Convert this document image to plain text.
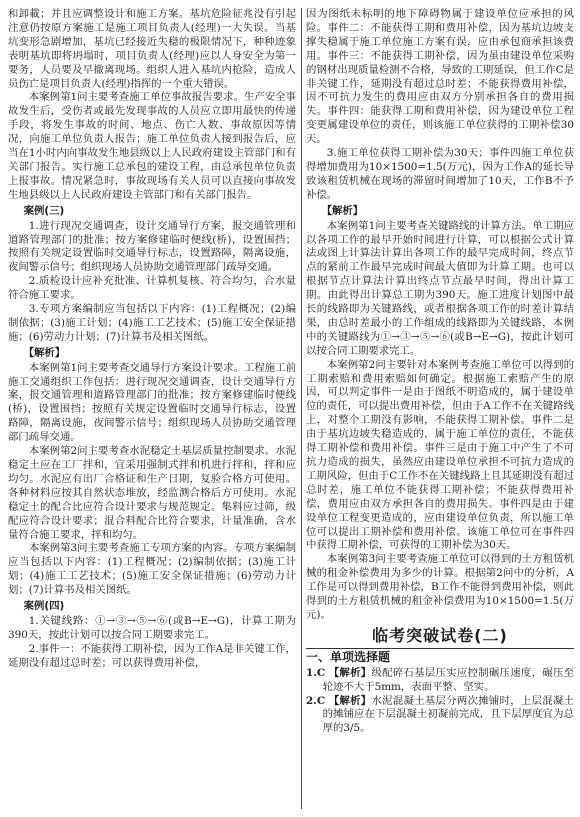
和卸載；并且应调整设计和施工方案。基坑危险征兆没有引起注意仍按原方案施工是施工项目负责人(经理)一大失误。当基坑变形急剧增加，基坑已经接近失稳的极限情况下，种种迹象表明基坑即将坍塌时，项目负责人(经理)应以人身安全为第一要务，人员要及早撤离现场。组织人进入基坑内抢险，造成人员伤亡是项目负责人(经理)指挥的一个重大错误。

本案例第1问主要考查施工单位事故报告要求。生产安全事故发生后，受伤者或最先发现事故的人员应立即用最快的传递手段，将发生事故的时间、地点、伤亡人数、事故原因等情况，向施工单位负责人报告；施工单位负责人接到报告后，应当在1小时内向事故发生地县级以上人民政府建设主管部门和有关部门报告。实行施工总承包的建设工程，由总承包单位负责上报事故。情况紧急时，事故现场有关人员可以直接向事故发生地县级以上人民政府建设主管部门和有关部门报告。

案例(三)

1.进行现况交通调查，设计交通导行方案，报交通管理和道路管理部门的批准；按方案修建临时便线(桥)，设置围挡；按照有关规定设置临时交通导行标志，设置路障，隔离设施，夜间警示信号；组织现场人员协助交通管理部门疏导交通。

2.质检设计应补充批准、计算机复核、符合均匀，合水量符合施工要求。

3.专项方案编制应当包括以下内容：(1)工程概况；(2)编制依据；(3)施工计划；(4)施工工艺技术；(5)施工安全保证措施；(6)劳动力计划；(7)计算书及相关图纸。

【解析】

本案例第1问主要考查交通导行方案设计要求。工程施工前施工交通组织工作包括：进行现况交通调查，设计交通导行方案，报交通管理和道路管理部门的批准；按方案修建临时便线(桥)，设置围挡；按照有关规定设置临时交通导行标志，设置路障，隔离设施，夜间警示信号；组织现场人员协助交通管理部门疏导交通。

本案例第2问主要考查水泥稳定土基层质量控制要求。水泥稳定土应在工厂拌和，宜采用强制式拌和机进行拌和，拌和应均匀。水泥应有出厂合格证和生产日期，复验合格方可使用。各种材料应按其自然状态堆放，经监测合格后方可使用。水泥稳定土的配合比应符合设计要求与规范规定。集料应过筛，级配应符合设计要求；混合料配合比符合要求，计量准确，含水量符合施工要求，拌和均匀。

本案例第3问主要考查施工专项方案的内容。专项方案编制应当包括以下内容：(1)工程概况；(2)编制依据；(3)施工计划；(4)施工工艺技术；(5)施工安全保证措施；(6)劳动力计划；(7)计算书及相关图纸。

案例(四)

1.关键线路：①→③→⑤→⑥(或B→E→G)，计算工期为390天，按此计划可以按合同工期要求完工。

2.事件一：不能获得工期补偿，因为工作A是非关键工作，延期没有超过总时差；可以获得费用补偿，

因为图纸未标明的地下障碍物属于建设单位应承担的风险。事件二：不能获得工期和费用补偿，因为基坑边坡支撑失稳属于施工单位施工方案有误，应由承包商承担该费用。事件三：不能获得工期补偿，因为虽由建设单位采购的钢材出现质量检测不合格，导致的工期延误，但工作C是非关键工作，延期没有超过总时差；不能获得费用补偿，因不可抗力发生的费用应由双方分别承担各自的费用损失。事件四：能获得工期和费用补偿，因为建设单位工程变更属建设单位的责任，则该施工单位获得的工期补偿30天。

3.施工单位获得工期补偿为30天；事件四施工单位获得增加费用为10×1500=1.5(万元)，因为工作A的延长导致该租赁机械在现场的滞留时间增加了10天，工作B不予补偿。

【解析】

本案例第1问主要考查关键路线的计算方法。单工期应以各项工作的最早开始时间进行计算，可以根据公式计算法或图上计算法计算出各项工作的最早完成时间，终点节点的紧前工作最早完成时间最大值即为计算工期。也可以根据节点计算法计算出终点节点最早时间，得出计算工期。由此得出计算总工期为390天。施工进度计划图中最长的线路即为关键路线，或者根据各项工作的时差计算结果，由总时差最小的工作组成的线路即为关键线路，本例中的关键路线为①→③→⑤→⑥(或B→E→G)，按此计划可以按合同工期要求完工。

本案例第2问主要针对本案例考查施工单位可以得到的工期索赔和费用索赔如何确定。根据施工索赔产生的原因，可以判定事件一是由于图纸不明造成的，属于建设单位的责任，可以提出费用补偿，但由于A工作不在关键路线上，对整个工期没有影响，不能获得工期补偿。事件二是由于基坑边坡失稳造成的，属于施工单位的责任，不能获得工期补偿和费用补偿。事件三是由于施工中产生了不可抗力造成的损失，虽然应由建设单位承担不可抗力造成的工期风险，但由于C工作不在关键线路上且其延期没有超过总时差，施工单位不能获得工期补偿；不能获得费用补偿，费用应由双方承担各自的费用损失。事件四是由于建设单位工程变更造成的，应由建设单位负责，所以施工单位可以提出工期补偿和费用补偿。该施工单位可在事件四中获得工期补偿，可获得的工期补偿为30天。

本案例第3问主要考查施工单位可以得到的土方租赁机械的租金补偿费用为多少的计算。根据第2问中的分析，A工作是可以得到费用补偿，B工作不能得到费用补偿，则此得到的土方租赁机械的租金补偿费用为10×1500=1.5(万元)。

临考突破试卷(二)
一、单项选择题

1.C 【解析】级配碎石基层压实应控制碾压速度，碾压至轮迹不大于5mm，表面平整、坚实。

2.C 【解析】水泥混凝土基层分两次摊铺时，上层混凝土的摊铺应在下层混凝土初凝前完成，且下层厚度宜为总厚的3/5。
